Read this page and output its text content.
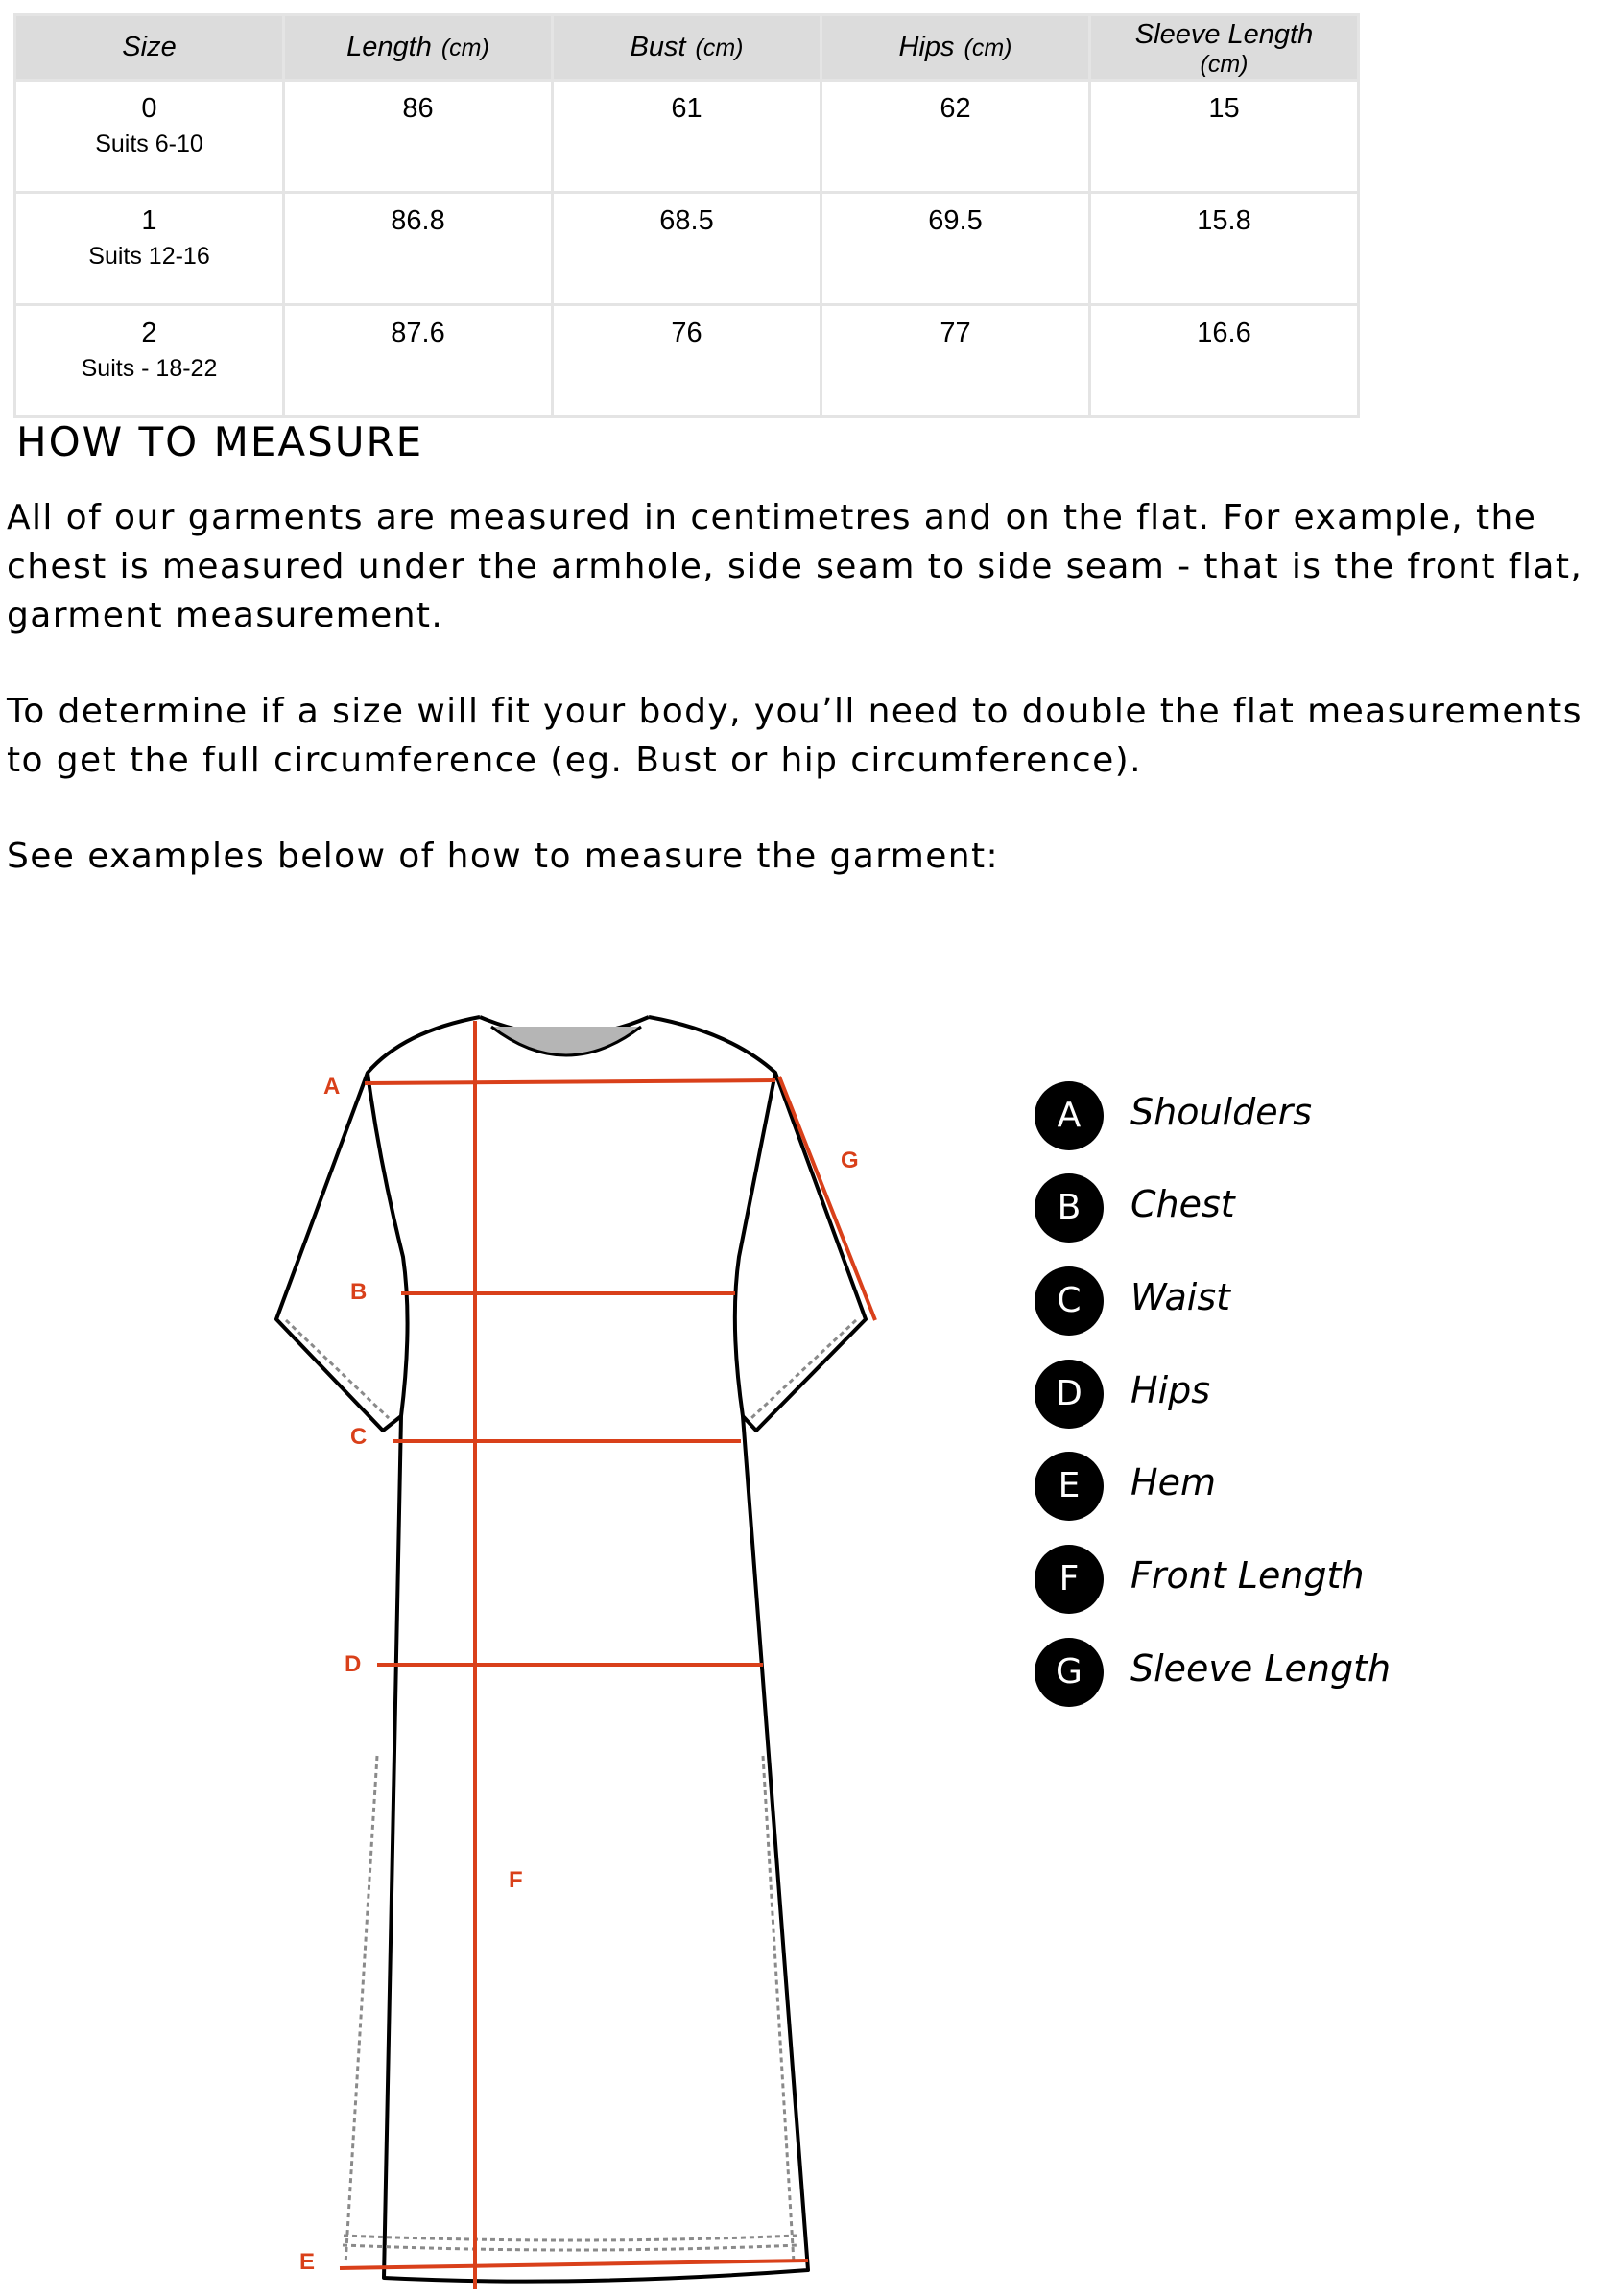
Size	Length (cm)	Bust (cm)	Hips (cm)	Sleeve Length
(cm)
0
Suits 6-10	86	61	62	15
1
Suits 12-16	86.8	68.5	69.5	15.8
2
Suits - 18-22	87.6	76	77	16.6
HOW TO MEASURE

All of our garments are measured in centimetres and on the flat. For example, the chest is measured under the armhole, side seam to side seam - that is the front flat, garment measurement.

To determine if a size will fit your body, you’ll need to double the flat measurements to get the full circumference (eg. Bust or hip circumference).

See examples below of how to measure the garment:

A
B
C
D
E
F
G
A	Shoulders
B	Chest
C	Waist
D	Hips
E	Hem
F	Front Length
G	Sleeve Length
